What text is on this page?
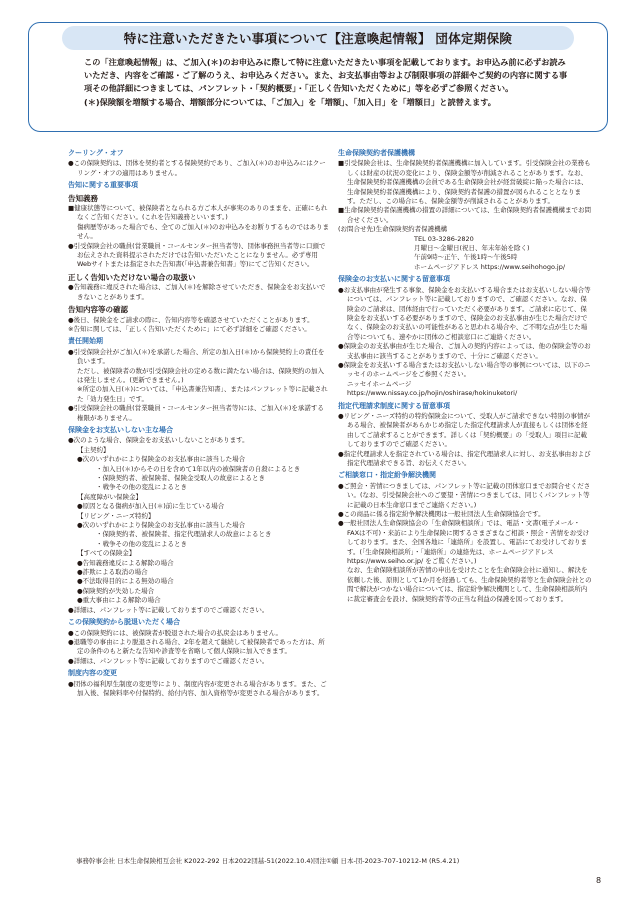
特に注意いただきたい事項について【注意喚起情報】 団体定期保険

この「注意喚起情報」は、ご加入(＊)のお申込みに際して特に注意いただきたい事項を記載しております。お申込み前に必ずお読みいただき、内容をご確認・ご了解のうえ、お申込みください。また、お支払事由等および制限事項の詳細やご契約の内容に関する事項その他詳細につきましては、パンフレット・「契約概要」・「正しく告知いただくために」等を必ずご参照ください。

(＊)保険額を増額する場合、増額部分については、「ご加入」を「増額」、「加入日」を「増額日」と読替えます。

クーリング・オフ
● この保険契約は、団体を契約者とする保険契約であり、ご加入(＊)のお申込みにはクーリング・オフの適用はありません。
告知に関する重要事項
告知義務
■ 健康状態等について、被保険者となられる方ご本人が事実のありのままを、正確にもれなくご告知ください。(これを告知義務といいます。)
傷病歴等があった場合でも、全てのご加入(＊)のお申込みをお断りするものではありません。
● 引受保険会社の職員(営業職員・コールセンター担当者等)、団体事務担当者等に口頭でお伝えされた資料提示されただけでは告知いただいたことになりません。必ず専用Webサイトまたは指定された告知書(「申込書兼告知書」等)にてご告知ください。
正しく告知いただけない場合の取扱い
● 告知義務に違反された場合は、ご加入(＊)を解除させていただき、保険金をお支払いできないことがあります。
告知内容等の確認
● 後日、保険金をご請求の際に、告知内容等を確認させていただくことがあります。
※告知に関しては、「正しく告知いただくために」にて必ず詳細をご確認ください。
責任開始期
● 引受保険会社がご加入(＊)を承諾した場合、所定の加入日(＊)から保険契約上の責任を負います。
ただし、被保険者の数が引受保険会社の定める数に満たない場合は、保険契約の加入は発生しません。(更新できません。)
※所定の加入日(＊)については、「申込書兼告知書」、またはパンフレット等に記載された「効力発生日」です。
● 引受保険会社の職員(営業職員・コールセンター担当者等)には、ご加入(＊)を承諾する権限がありません。
保険金をお支払いしない主な場合
● 次のような場合、保険金をお支払いしないことがあります。
【主契約】
● 次のいずれかにより保険金のお支払事由に該当した場合
・加入日(＊)からその日を含めて1年以内の被保険者の自殺によるとき
・保険契約者、被保険者、保険金受取人の故意によるとき
・戦争その他の変乱によるとき
【高度障がい保険金】
● 原因となる傷病が加入日(＊)前に生じている場合
【リビング・ニーズ特約】
● 次のいずれかにより保険金のお支払事由に該当した場合
・保険契約者、被保険者、指定代理請求人の故意によるとき
・戦争その他の変乱によるとき
【すべての保険金】
● 告知義務違反による解除の場合
● 詐欺による取消の場合
● 不法取得目的による無効の場合
● 保険契約が失効した場合
● 重大事由による解除の場合
● 詳細は、パンフレット等に記載しておりますのでご確認ください。
この保険契約から脱退いただく場合
● この保険契約には、被保険者が脱退された場合の払戻金はありません。
● 退職等の事由により脱退される場合、2年を超えて継続して被保険者であった方は、所定の条件のもと新たな告知や診査等を省略して個人保険に加入できます。
● 詳細は、パンフレット等に記載しておりますのでご確認ください。
制度内容の変更
● 団体の福利厚生制度の変更等により、制度内容が変更される場合があります。また、ご加入後、保険料率や付保特約、給付内容、加入資格等が変更される場合があります。
生命保険契約者保護機構
■ 引受保険会社は、生命保険契約者保護機構に加入しています。引受保険会社の業務もしくは財産の状況の変化により、保険金額等が削減されることがあります。なお、生命保険契約者保護機構の会員である生命保険会社が経営破綻に陥った場合には、生命保険契約者保護機構により、保険契約者保護の措置が図られることとなります。ただし、この場合にも、保険金額等が削減されることがあります。
■ 生命保険契約者保護機構の措置の詳細については、生命保険契約者保護機構までお問合せください。
(お問合せ先)生命保険契約者保護機構
TEL 03-3286-2820
月曜日～金曜日(祝日、年末年始を除く)
午前9時～正午、午後1時～午後5時
ホームページアドレス https://www.seihohogo.jp/
保険金のお支払いに関する留意事項
● お支払事由が発生する事象、保険金をお支払いする場合またはお支払いしない場合等については、パンフレット等に記載しておりますので、ご確認ください。なお、保険金のご請求は、団体経由で行っていただく必要があります。ご請求に応じて、保険金をお支払いする必要がありますので、保険金のお支払事由が生じた場合だけでなく、保険金のお支払いの可能性があると思われる場合や、ご不明な点が生じた場合等についても、速やかに団体のご相談窓口にご連絡ください。
● 保険金のお支払事由が生じた場合、ご加入の契約内容によっては、他の保険金等のお支払事由に該当することがありますので、十分にご確認ください。
● 保険金をお支払いする場合またはお支払いしない場合等の事例については、以下のニッセイのホームページをご参照ください。
ニッセイホームページ
https://www.nissay.co.jp/hojin/oshirase/hokinuketori/
指定代理請求制度に関する留意事項
● リビング・ニーズ特約の特約保険金について、受取人がご請求できない特別の事情がある場合、被保険者があらかじめ指定した指定代理請求人が直接もしくは団体を経由してご請求することができます。詳しくは「契約概要」の「受取人」項目に記載しておりますのでご確認ください。
● 指定代理請求人を指定されている場合は、指定代理請求人に対し、お支払事由および指定代理請求できる旨、お伝えください。
ご相談窓口・指定紛争解決機関
● ご照会・苦情につきましては、パンフレット等に記載の団体窓口までお問合せください。(なお、引受保険会社へのご要望・苦情につきましては、同じくパンフレット等に記載の日本生命窓口までご連絡ください。)
● この商品に係る指定紛争解決機関は一般社団法人生命保険協会です。
● 一般社団法人生命保険協会の「生命保険相談所」では、電話・文書(電子メール・FAXは不可)・来訪により生命保険に関するさまざまなご相談・照会・苦情をお受けしております。また、全国各地に「連絡所」を設置し、電話にてお受けしております。(「生命保険相談所」・「連絡所」の連絡先は、ホームページアドレス https://www.seiho.or.jp/ をご覧ください。)
なお、生命保険相談所が苦情の申出を受けたことを生命保険会社に通知し、解決を依頼した後、原則として1か月を経過しても、生命保険契約者等と生命保険会社との間で解決がつかない場合については、指定紛争解決機関として、生命保険相談所内に裁定審査会を設け、保険契約者等の正当な利益の保護を図っております。
事務幹事会社 日本生命保険相互会社 K2022-292 日本2022団基-51(2022.10.4)団注①顧 日本-団-2023-707-10212-M (R5.4.21)
8
